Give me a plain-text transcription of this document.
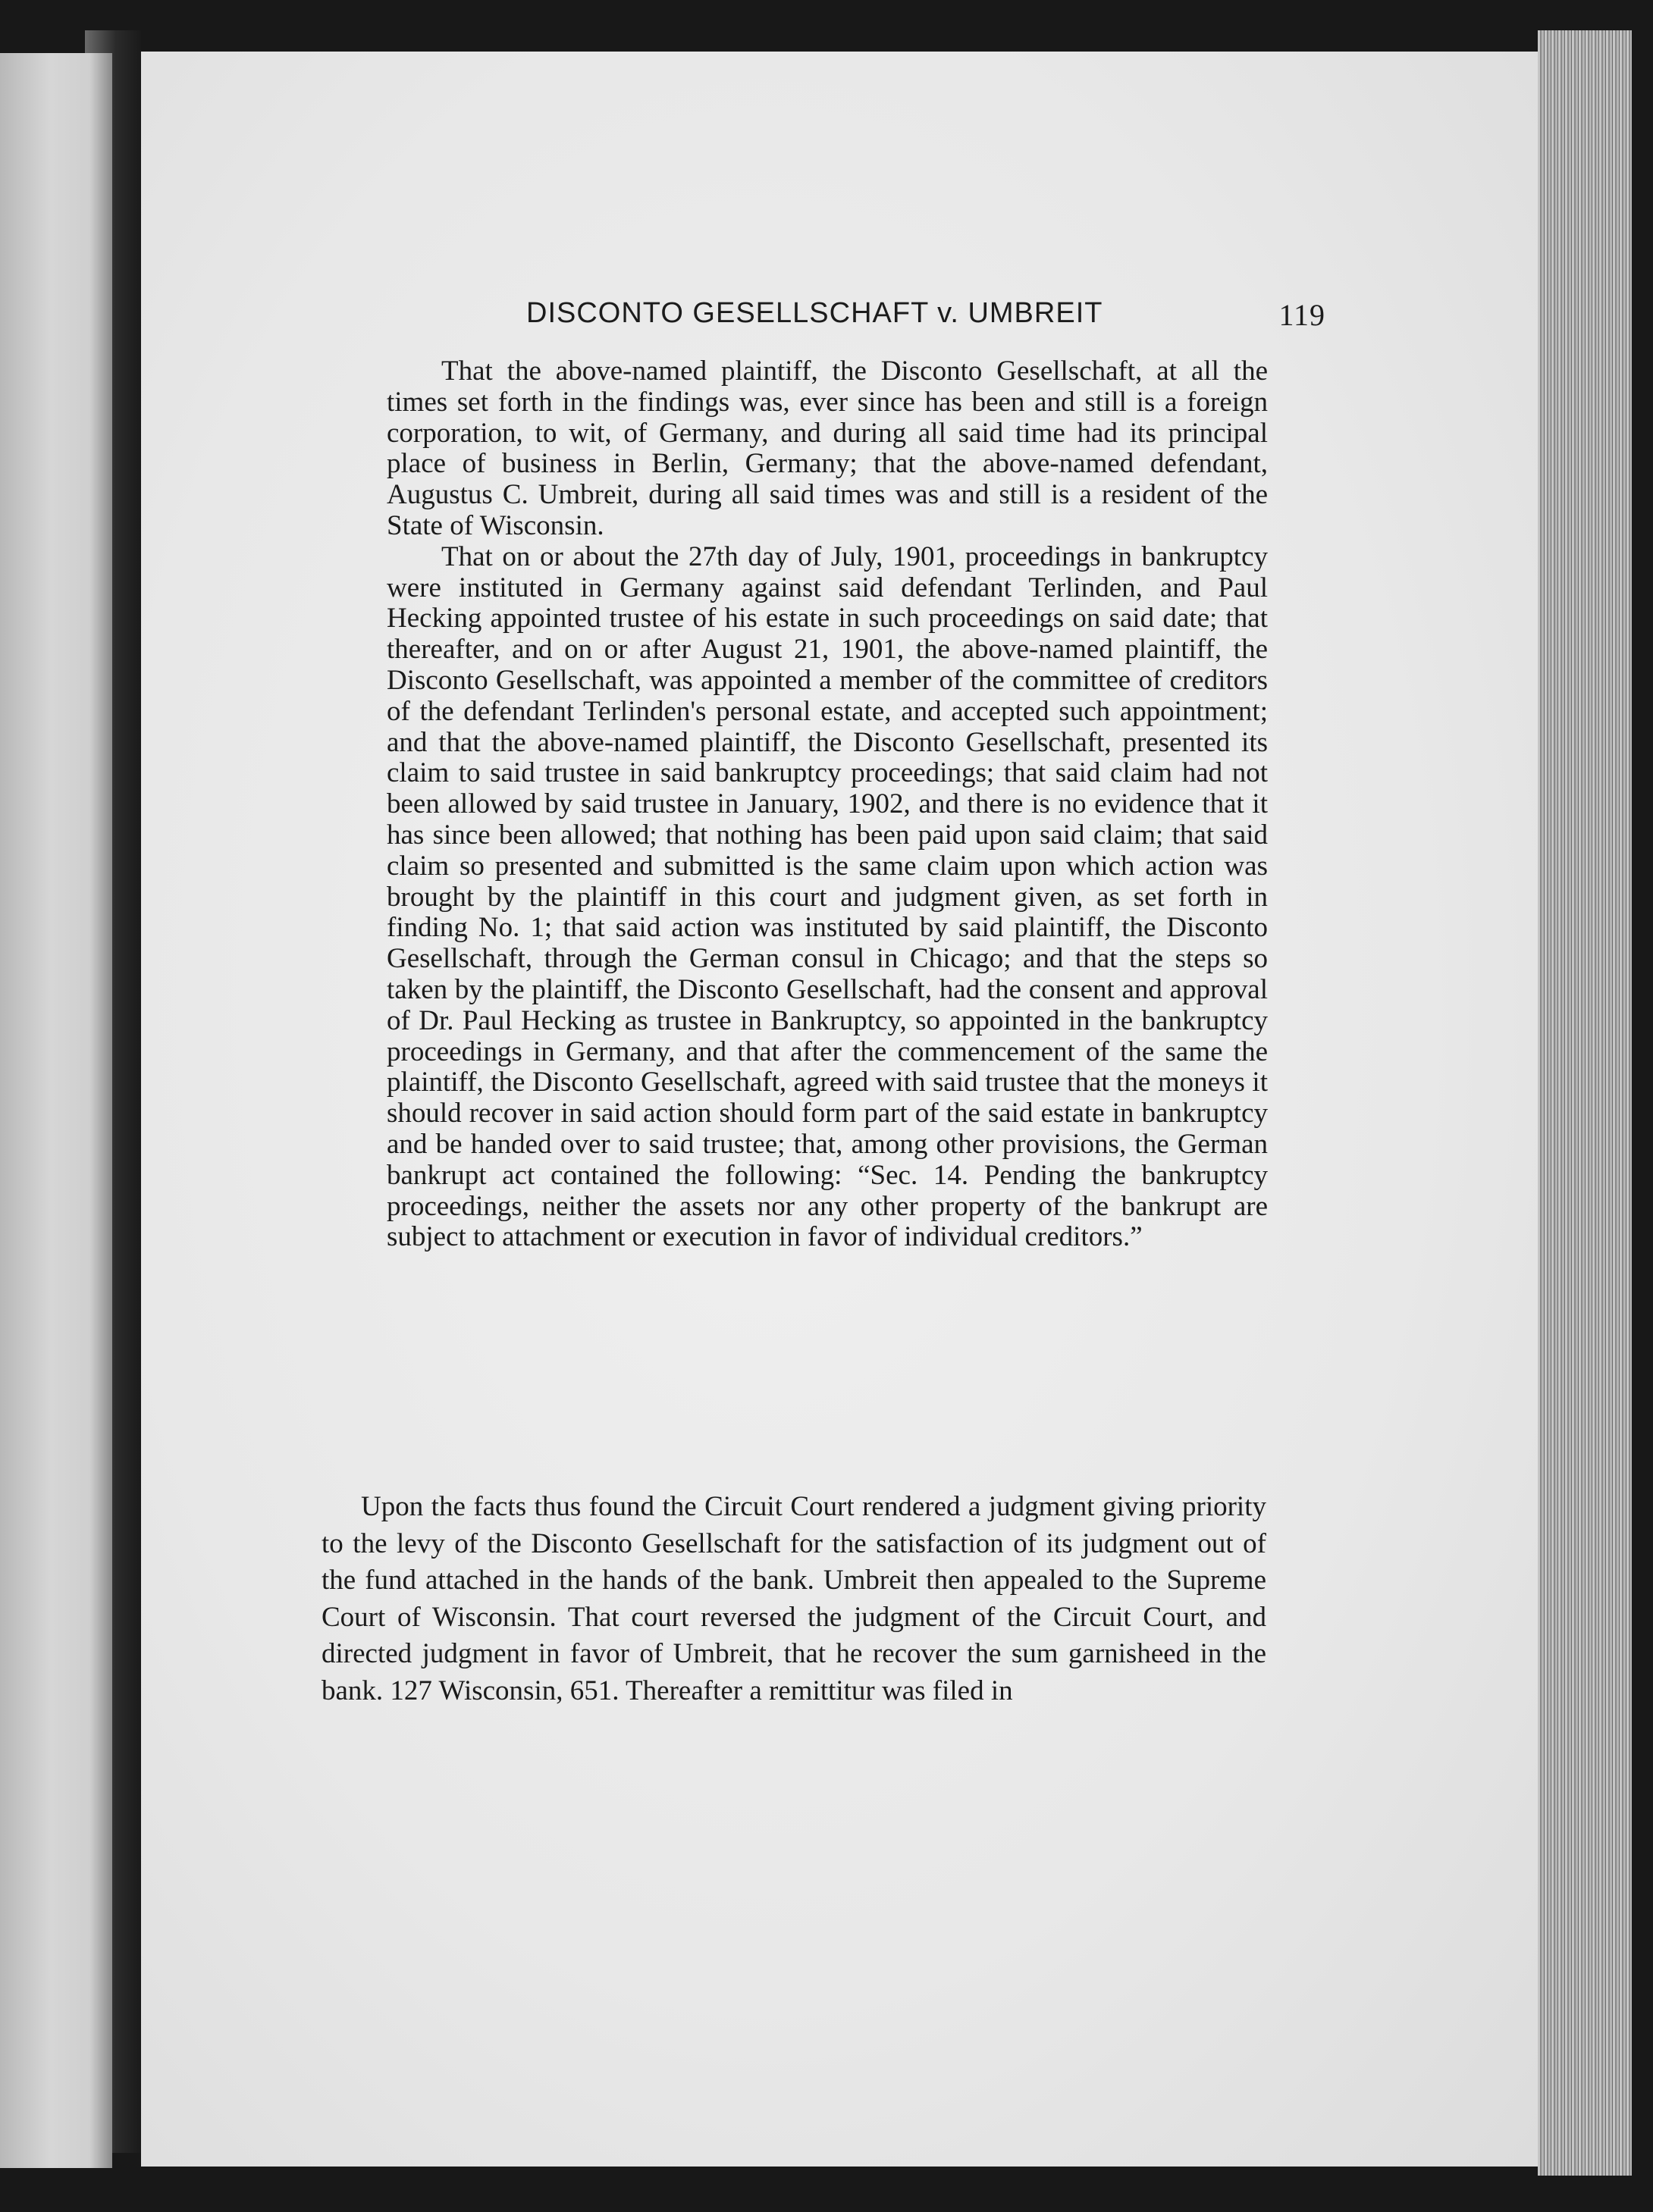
DISCONTO GESELLSCHAFT v. UMBREIT	119

That the above-named plaintiff, the Disconto Gesellschaft, at all the times set forth in the findings was, ever since has been and still is a foreign corporation, to wit, of Germany, and during all said time had its principal place of business in Berlin, Germany; that the above-named defendant, Augustus C. Umbreit, during all said times was and still is a resident of the State of Wisconsin.

That on or about the 27th day of July, 1901, proceedings in bankruptcy were instituted in Germany against said defendant Terlinden, and Paul Hecking appointed trustee of his estate in such proceedings on said date; that thereafter, and on or after August 21, 1901, the above-named plaintiff, the Disconto Gesellschaft, was appointed a member of the committee of creditors of the defendant Terlinden's personal estate, and accepted such appointment; and that the above-named plaintiff, the Disconto Gesellschaft, presented its claim to said trustee in said bankruptcy proceedings; that said claim had not been allowed by said trustee in January, 1902, and there is no evidence that it has since been allowed; that nothing has been paid upon said claim; that said claim so presented and submitted is the same claim upon which action was brought by the plaintiff in this court and judgment given, as set forth in finding No. 1; that said action was instituted by said plaintiff, the Disconto Gesellschaft, through the German consul in Chicago; and that the steps so taken by the plaintiff, the Disconto Gesellschaft, had the consent and approval of Dr. Paul Hecking as trustee in Bankruptcy, so appointed in the bankruptcy proceedings in Germany, and that after the commencement of the same the plaintiff, the Disconto Gesellschaft, agreed with said trustee that the moneys it should recover in said action should form part of the said estate in bankruptcy and be handed over to said trustee; that, among other provisions, the German bankrupt act contained the following: “Sec. 14. Pending the bankruptcy proceedings, neither the assets nor any other property of the bankrupt are subject to attachment or execution in favor of individual creditors.”

Upon the facts thus found the Circuit Court rendered a judgment giving priority to the levy of the Disconto Gesellschaft for the satisfaction of its judgment out of the fund attached in the hands of the bank. Umbreit then appealed to the Supreme Court of Wisconsin. That court reversed the judgment of the Circuit Court, and directed judgment in favor of Umbreit, that he recover the sum garnisheed in the bank. 127 Wisconsin, 651. Thereafter a remittitur was filed in
